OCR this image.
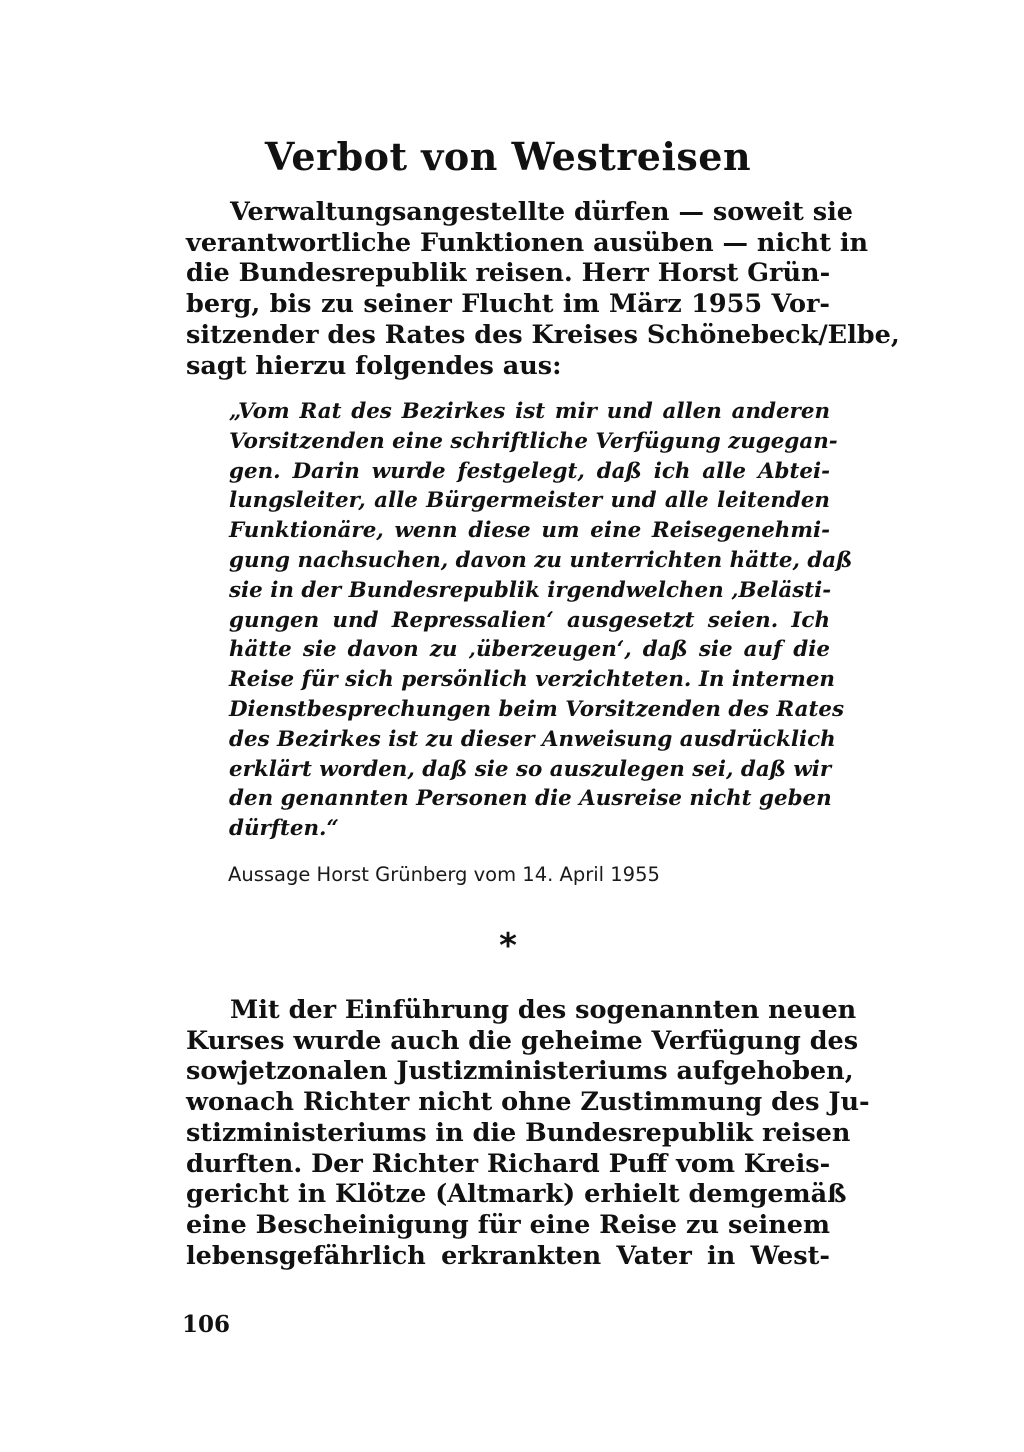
Verbot von Westreisen
Verwaltungsangestellte dürfen — soweit sie
verantwortliche Funktionen ausüben — nicht in
die Bundesrepublik reisen. Herr Horst Grün-
berg, bis zu seiner Flucht im März 1955 Vor-
sitzender des Rates des Kreises Schönebeck/Elbe,
sagt hierzu folgendes aus:
„Vom Rat des Bezirkes ist mir und allen anderen
Vorsitzenden eine schriftliche Verfügung zugegan-
gen. Darin wurde festgelegt, daß ich alle Abtei-
lungsleiter, alle Bürgermeister und alle leitenden
Funktionäre, wenn diese um eine Reisegenehmi-
gung nachsuchen, davon zu unterrichten hätte, daß
sie in der Bundesrepublik irgendwelchen ‚Belästi-
gungen und Repressalien‘ ausgesetzt seien. Ich
hätte sie davon zu ‚überzeugen‘, daß sie auf die
Reise für sich persönlich verzichteten. In internen
Dienstbesprechungen beim Vorsitzenden des Rates
des Bezirkes ist zu dieser Anweisung ausdrücklich
erklärt worden, daß sie so auszulegen sei, daß wir
den genannten Personen die Ausreise nicht geben
dürften.“
Aussage Horst Grünberg vom 14. April 1955
*
Mit der Einführung des sogenannten neuen
Kurses wurde auch die geheime Verfügung des
sowjetzonalen Justizministeriums aufgehoben,
wonach Richter nicht ohne Zustimmung des Ju-
stizministeriums in die Bundesrepublik reisen
durften. Der Richter Richard Puff vom Kreis-
gericht in Klötze (Altmark) erhielt demgemäß
eine Bescheinigung für eine Reise zu seinem
lebensgefährlich erkrankten Vater in West-
106
